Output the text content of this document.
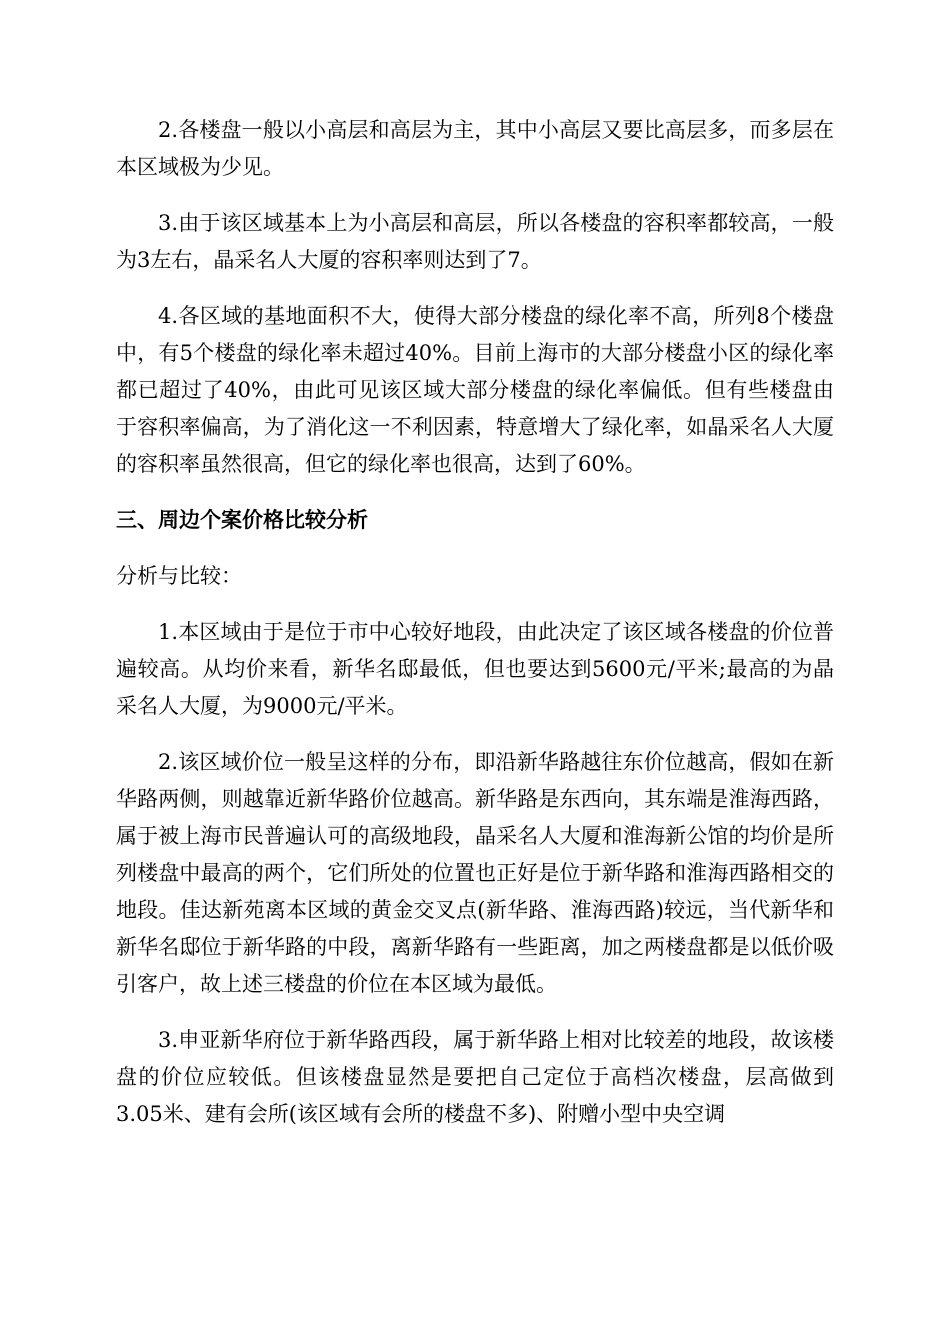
2.各楼盘一般以小高层和高层为主，其中小高层又要比高层多，而多层在本区域极为少见。

3.由于该区域基本上为小高层和高层，所以各楼盘的容积率都较高，一般为3左右，晶采名人大厦的容积率则达到了7。

4.各区域的基地面积不大，使得大部分楼盘的绿化率不高，所列8个楼盘中，有5个楼盘的绿化率未超过40%。目前上海市的大部分楼盘小区的绿化率都已超过了40%，由此可见该区域大部分楼盘的绿化率偏低。但有些楼盘由于容积率偏高，为了消化这一不利因素，特意增大了绿化率，如晶采名人大厦的容积率虽然很高，但它的绿化率也很高，达到了60%。

三、周边个案价格比较分析

分析与比较：

1.本区域由于是位于市中心较好地段，由此决定了该区域各楼盘的价位普遍较高。从均价来看，新华名邸最低，但也要达到5600元/平米;最高的为晶采名人大厦，为9000元/平米。

2.该区域价位一般呈这样的分布，即沿新华路越往东价位越高，假如在新华路两侧，则越靠近新华路价位越高。新华路是东西向，其东端是淮海西路，属于被上海市民普遍认可的高级地段，晶采名人大厦和淮海新公馆的均价是所列楼盘中最高的两个，它们所处的位置也正好是位于新华路和淮海西路相交的地段。佳达新苑离本区域的黄金交叉点(新华路、淮海西路)较远，当代新华和新华名邸位于新华路的中段，离新华路有一些距离，加之两楼盘都是以低价吸引客户，故上述三楼盘的价位在本区域为最低。

3.申亚新华府位于新华路西段，属于新华路上相对比较差的地段，故该楼盘的价位应较低。但该楼盘显然是要把自己定位于高档次楼盘，层高做到3.05米、建有会所(该区域有会所的楼盘不多)、附赠小型中央空调
